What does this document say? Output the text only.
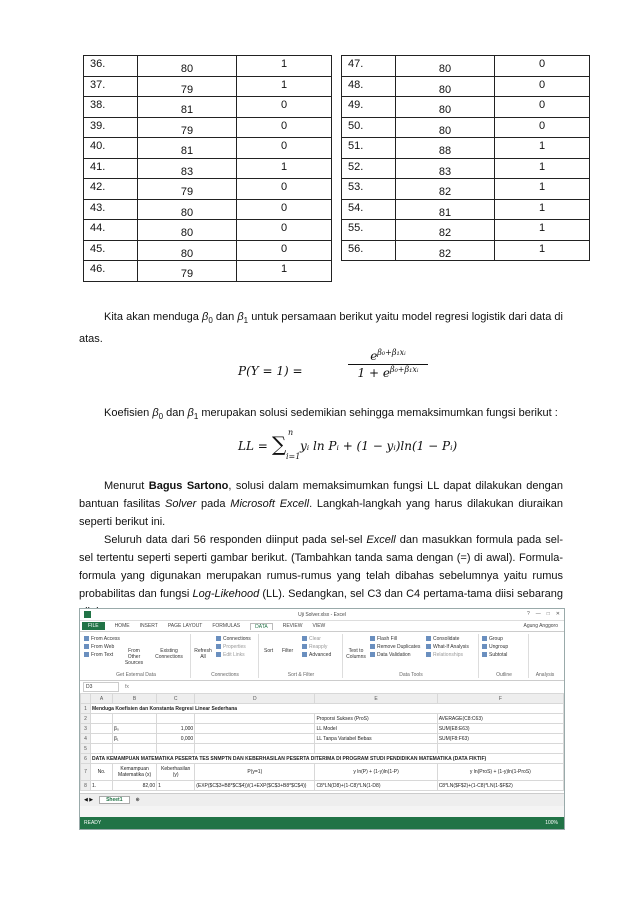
36.	80	1
37.	79	1
38.	81	0
39.	79	0
40.	81	0
41.	83	1
42.	79	0
43.	80	0
44.	80	0
45.	80	0
46.	79	1
47.	80	0
48.	80	0
49.	80	0
50.	80	0
51.	88	1
52.	83	1
53.	82	1
54.	81	1
55.	82	1
56.	82	1
Kita akan menduga $\beta_0$ dan $\beta_1$ untuk persamaan berikut yaitu model regresi logistik dari data di atas.
P(Y = 1) =
$e^{\beta_0+\beta_1xᵢ}$
$1 + e^{\beta_0+\beta_1xᵢ}$
Koefisien $\beta_0$ dan $\beta_1$ merupakan solusi sedemikian sehingga memaksimumkan fungsi berikut :
LL = ∑ n
i=1
yᵢ ln Pᵢ + (1 − yᵢ)ln(1 − Pᵢ)
Menurut Bagus Sartono, solusi dalam memaksimumkan fungsi LL dapat dilakukan dengan bantuan fasilitas Solver pada Microsoft Excell. Langkah-langkah yang harus dilakukan diuraikan seperti berikut ini.
Seluruh data dari 56 responden diinput pada sel-sel Excell dan masukkan formula pada sel-sel tertentu seperti seperti gambar berikut. (Tambahkan tanda sama dengan (=) di awal). Formula-formula yang digunakan merupakan rumus-rumus yang telah dibahas sebelumnya yaitu rumus probabilitas dan fungsi Log-Likehood (LL). Sedangkan, sel C3 dan C4 pertama-tama diisi sebarang
Uji Solver.xlsx - Excel	? — □ ✕
FILE	HOME INSERT PAGE LAYOUT FORMULAS	DATA	REVIEW VIEW	Agung Anggoro
From Access
From Web
From Text
From Other Sources
Existing Connections
Get External Data
Refresh All
Connections
Properties
Edit Links
Connections
Sort Filter
Clear
Reapply
Advanced
Sort & Filter
Text to Columns
Flash Fill
Remove Duplicates
Data Validation
Consolidate
What-If Analysis
Relationships
Data Tools
Group
Ungroup
Subtotal
Outline	Analysis
D3	fx
	A	B	C	D	E	F
1	Menduga Koefisien dan Konstanta Regresi Linear Sederhana					
2					Proporsi Sukses (ProS)	AVERAGE(C8:C63)
3		β₀	1,000		LL Model	SUM(E8:E63)
4		β₁	0,000		LL Tanpa Variabel Bebas	SUM(F8:F63)
5						
6	DATA KEMAMPUAN MATEMATIKA PESERTA TES SNMPTN DAN KEBERHASILAN PESERTA DITERIMA DI PROGRAM STUDI PENDIDIKAN MATEMATIKA (DATA FIKTIF)					
7	No.	Kemampuan Matematika (x)	Keberhasilan (y)	P(y=1)	y ln(P) + (1-y)ln(1-P)	y ln(ProS) + (1-y)ln(1-ProS)
8	1.	82,00	1	(EXP($C$3+B8*$C$4))/(1+EXP($C$3+B8*$C$4))	C8*LN(D8)+(1-C8)*LN(1-D8)	C8*LN($F$2)+(1-C8)*LN(1-$F$2)
◀ ▶	Sheet1	⊕
READY	100%
